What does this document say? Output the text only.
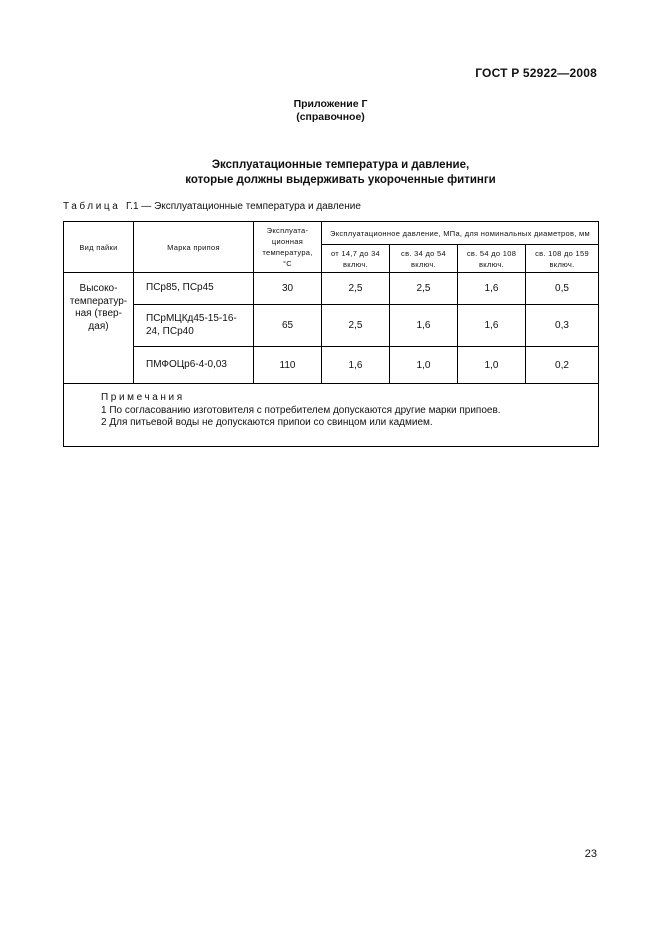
ГОСТ Р 52922—2008
Приложение Г
(справочное)
Эксплуатационные температура и давление,
которые должны выдерживать укороченные фитинги
Таблица Г.1 — Эксплуатационные температура и давление
Вид пайки	Марка припоя	Эксплуата-ционная температура, °С	Эксплуатационное давление, МПа, для номинальных диаметров, мм			
			от 14,7 до 34 включ.	св. 34 до 54 включ.	св. 54 до 108 включ.	св. 108 до 159 включ.
Высоко-температур-ная (твер-дая)	ПСр85, ПСр45	30	2,5	2,5	1,6	0,5
	ПСрМЦКд45-15-16-24, ПСр40	65	2,5	1,6	1,6	0,3
	ПМФОЦр6-4-0,03	110	1,6	1,0	1,0	0,2

Примечания
1 По согласованию изготовителя с потребителем допускаются другие марки припоев.
2 Для питьевой воды не допускаются припои со свинцом или кадмием.						
23
